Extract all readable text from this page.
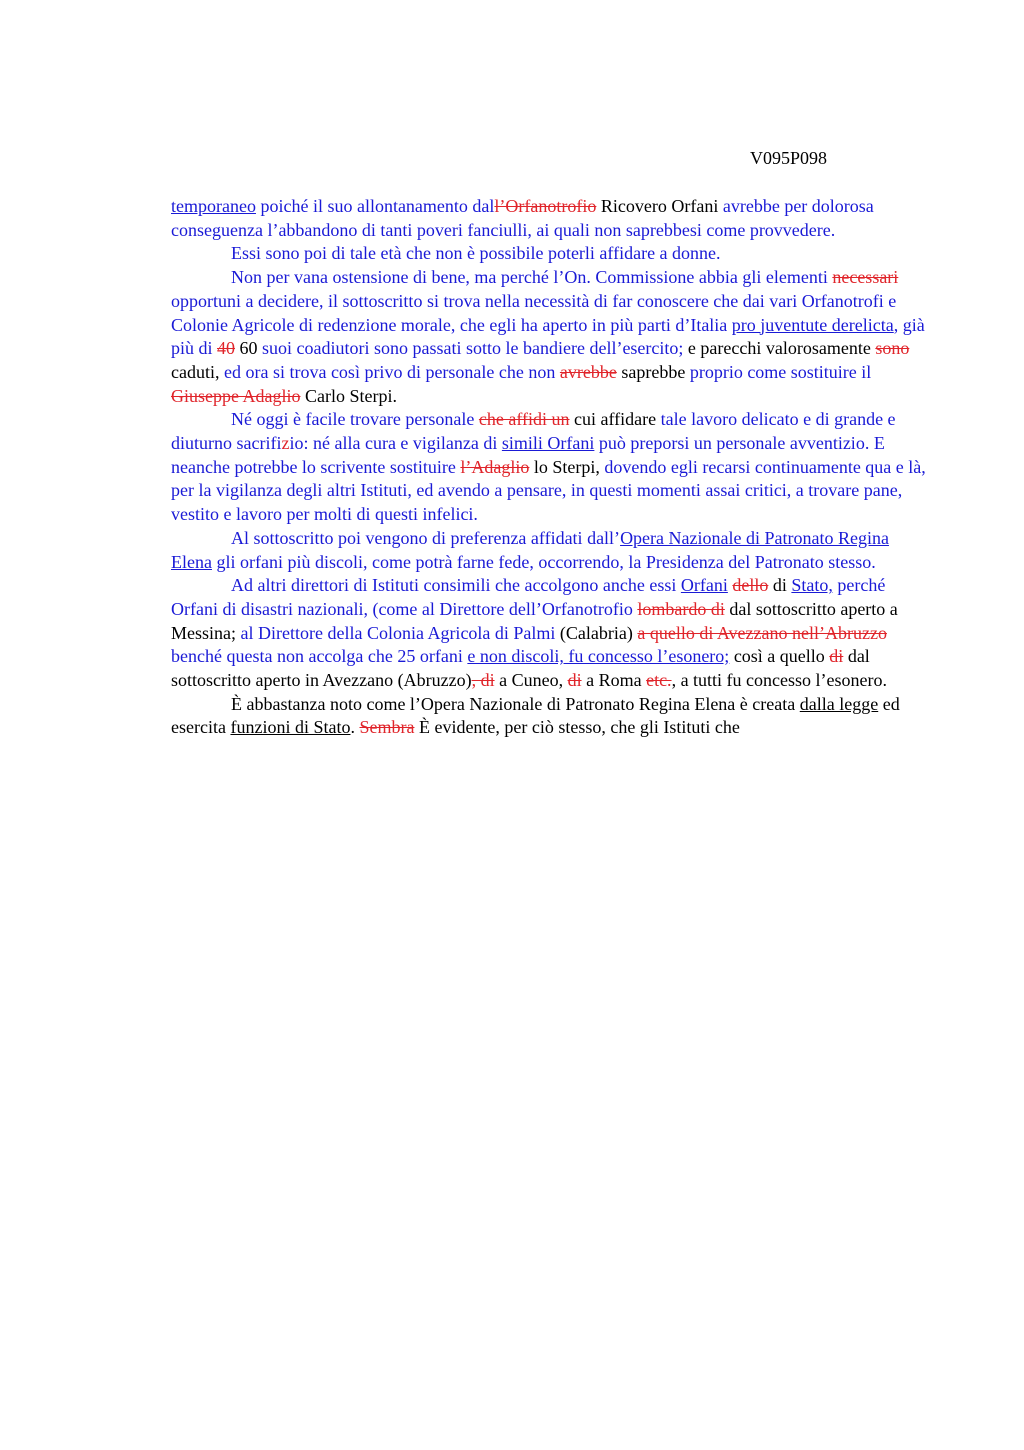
V095P098

temporaneo poiché il suo allontanamento dall’Orfanotrofio Ricovero Orfani avrebbe per dolorosa conseguenza l’abbandono di tanti poveri fanciulli, ai quali non saprebbesi come provvedere.

Essi sono poi di tale età che non è possibile poterli affidare a donne.

Non per vana ostensione di bene, ma perché l’On. Commissione abbia gli elementi necessari opportuni a decidere, il sottoscritto si trova nella necessità di far conoscere che dai vari Orfanotrofi e Colonie Agricole di redenzione morale, che egli ha aperto in più parti d’Italia pro juventute derelicta, già più di 40 60 suoi coadiutori sono passati sotto le bandiere dell’esercito; e parecchi valorosamente sono caduti, ed ora si trova così privo di personale che non avrebbe saprebbe proprio come sostituire il Giuseppe Adaglio Carlo Sterpi.

Né oggi è facile trovare personale che affidi un cui affidare tale lavoro delicato e di grande e diuturno sacrifizio: né alla cura e vigilanza di simili Orfani può preporsi un personale avventizio. E neanche potrebbe lo scrivente sostituire l’Adaglio lo Sterpi, dovendo egli recarsi continuamente qua e là, per la vigilanza degli altri Istituti, ed avendo a pensare, in questi momenti assai critici, a trovare pane, vestito e lavoro per molti di questi infelici.

Al sottoscritto poi vengono di preferenza affidati dall’Opera Nazionale di Patronato Regina Elena gli orfani più discoli, come potrà farne fede, occorrendo, la Presidenza del Patronato stesso.

Ad altri direttori di Istituti consimili che accolgono anche essi Orfani dello di Stato, perché Orfani di disastri nazionali, (come al Direttore dell’Orfanotrofio lombardo di dal sottoscritto aperto a Messina; al Direttore della Colonia Agricola di Palmi (Calabria) a quello di Avezzano nell’Abruzzo benché questa non accolga che 25 orfani e non discoli, fu concesso l’esonero; così a quello di dal sottoscritto aperto in Avezzano (Abruzzo), di a Cuneo, di a Roma etc., a tutti fu concesso l’esonero.

È abbastanza noto come l’Opera Nazionale di Patronato Regina Elena è creata dalla legge ed esercita funzioni di Stato. Sembra È evidente, per ciò stesso, che gli Istituti che
